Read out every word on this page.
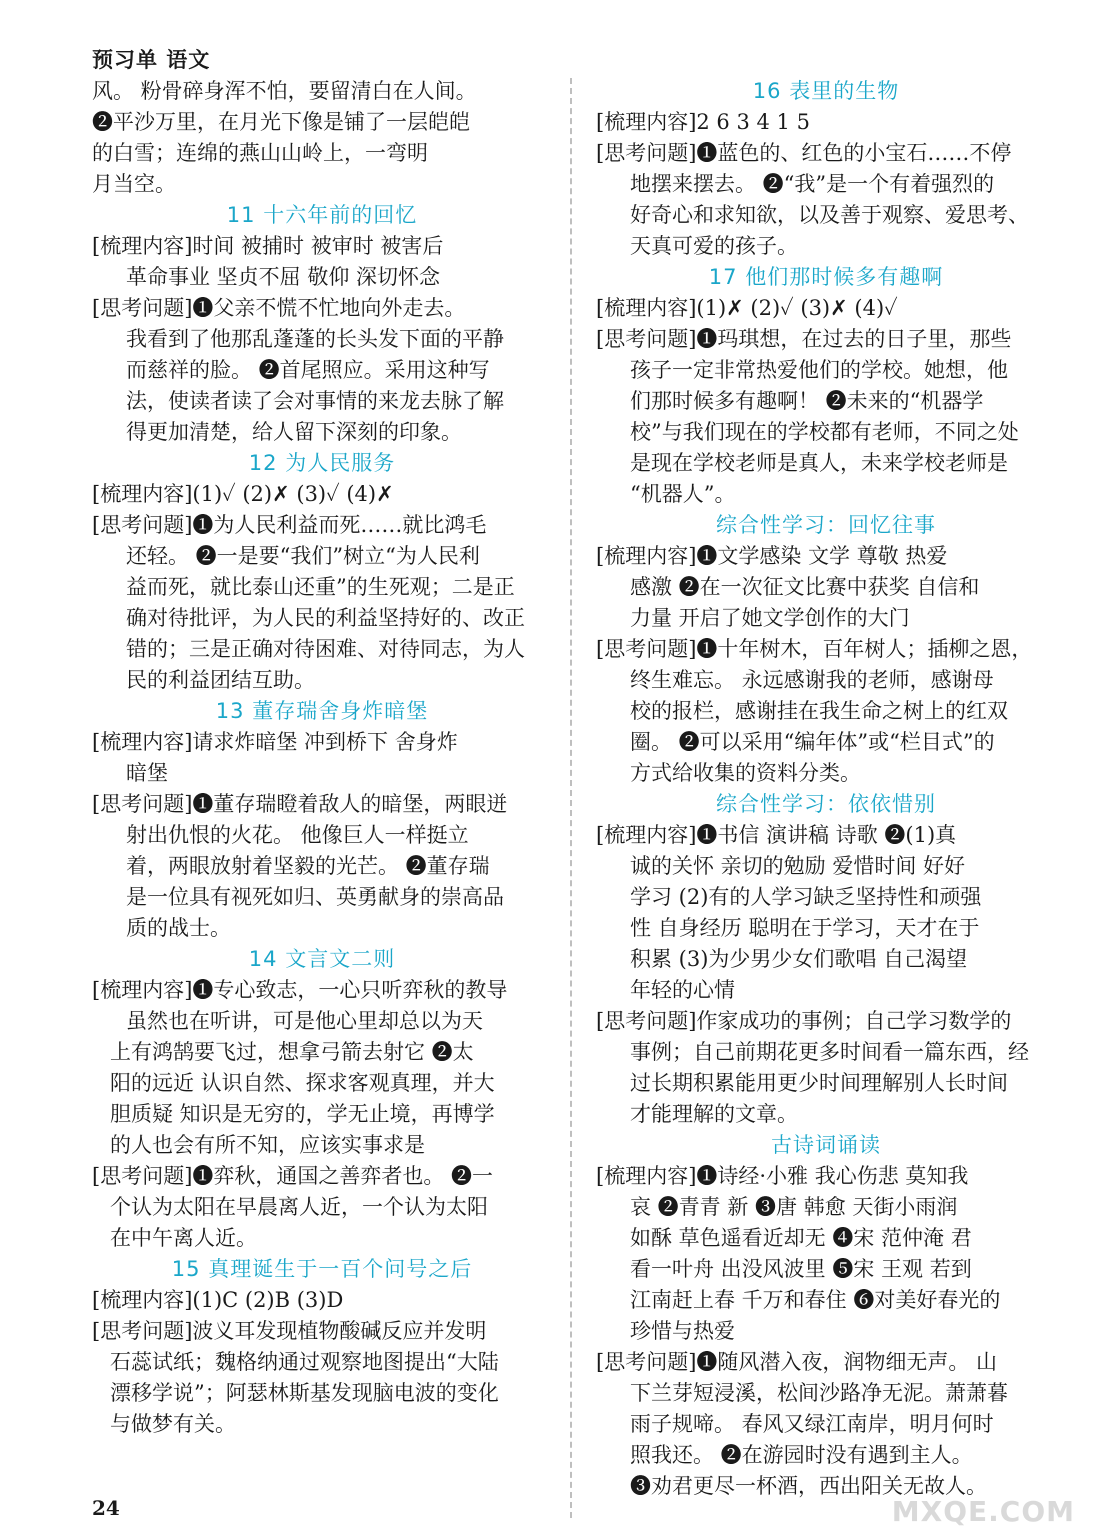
预习单 语文
风。 粉骨碎身浑不怕，要留清白在人间。
❷平沙万里，在月光下像是铺了一层皑皑
的白雪；连绵的燕山山岭上，一弯明
月当空。
11 十六年前的回忆
[梳理内容]时间 被捕时 被审时 被害后
革命事业 坚贞不屈 敬仰 深切怀念
[思考问题]❶父亲不慌不忙地向外走去。
我看到了他那乱蓬蓬的长头发下面的平静
而慈祥的脸。 ❷首尾照应。采用这种写
法，使读者读了会对事情的来龙去脉了解
得更加清楚，给人留下深刻的印象。
12 为人民服务
[梳理内容](1)✓ (2)✗ (3)✓ (4)✗
[思考问题]❶为人民利益而死……就比鸿毛
还轻。 ❷一是要“我们”树立“为人民利
益而死，就比泰山还重”的生死观；二是正
确对待批评，为人民的利益坚持好的、改正
错的；三是正确对待困难、对待同志，为人
民的利益团结互助。
13 董存瑞舍身炸暗堡
[梳理内容]请求炸暗堡 冲到桥下 舍身炸
暗堡
[思考问题]❶董存瑞瞪着敌人的暗堡，两眼迸
射出仇恨的火花。 他像巨人一样挺立
着，两眼放射着坚毅的光芒。 ❷董存瑞
是一位具有视死如归、英勇献身的崇高品
质的战士。
14 文言文二则
[梳理内容]❶专心致志，一心只听弈秋的教导
虽然也在听讲，可是他心里却总以为天
上有鸿鹄要飞过，想拿弓箭去射它 ❷太
阳的远近 认识自然、探求客观真理，并大
胆质疑 知识是无穷的，学无止境，再博学
的人也会有所不知，应该实事求是
[思考问题]❶弈秋，通国之善弈者也。 ❷一
个认为太阳在早晨离人近，一个认为太阳
在中午离人近。
15 真理诞生于一百个问号之后
[梳理内容](1)C (2)B (3)D
[思考问题]波义耳发现植物酸碱反应并发明
石蕊试纸；魏格纳通过观察地图提出“大陆
漂移学说”；阿瑟林斯基发现脑电波的变化
与做梦有关。
16 表里的生物
[梳理内容]2 6 3 4 1 5
[思考问题]❶蓝色的、红色的小宝石……不停
地摆来摆去。 ❷“我”是一个有着强烈的
好奇心和求知欲，以及善于观察、爱思考、
天真可爱的孩子。
17 他们那时候多有趣啊
[梳理内容](1)✗ (2)✓ (3)✗ (4)✓
[思考问题]❶玛琪想，在过去的日子里，那些
孩子一定非常热爱他们的学校。她想，他
们那时候多有趣啊！ ❷未来的“机器学
校”与我们现在的学校都有老师，不同之处
是现在学校老师是真人，未来学校老师是
“机器人”。
综合性学习：回忆往事
[梳理内容]❶文学感染 文学 尊敬 热爱
感激 ❷在一次征文比赛中获奖 自信和
力量 开启了她文学创作的大门
[思考问题]❶十年树木，百年树人；插柳之恩，
终生难忘。 永远感谢我的老师，感谢母
校的报栏，感谢挂在我生命之树上的红双
圈。 ❷可以采用“编年体”或“栏目式”的
方式给收集的资料分类。
综合性学习：依依惜别
[梳理内容]❶书信 演讲稿 诗歌 ❷(1)真
诚的关怀 亲切的勉励 爱惜时间 好好
学习 (2)有的人学习缺乏坚持性和顽强
性 自身经历 聪明在于学习，天才在于
积累 (3)为少男少女们歌唱 自己渴望
年轻的心情
[思考问题]作家成功的事例；自己学习数学的
事例；自己前期花更多时间看一篇东西，经
过长期积累能用更少时间理解别人长时间
才能理解的文章。
古诗词诵读
[梳理内容]❶诗经·小雅 我心伤悲 莫知我
哀 ❷青青 新 ❸唐 韩愈 天街小雨润
如酥 草色遥看近却无 ❹宋 范仲淹 君
看一叶舟 出没风波里 ❺宋 王观 若到
江南赶上春 千万和春住 ❻对美好春光的
珍惜与热爱
[思考问题]❶随风潜入夜，润物细无声。 山
下兰芽短浸溪，松间沙路净无泥。萧萧暮
雨子规啼。 春风又绿江南岸，明月何时
照我还。 ❷在游园时没有遇到主人。
❸劝君更尽一杯酒，西出阳关无故人。
24	MXQE.COM
